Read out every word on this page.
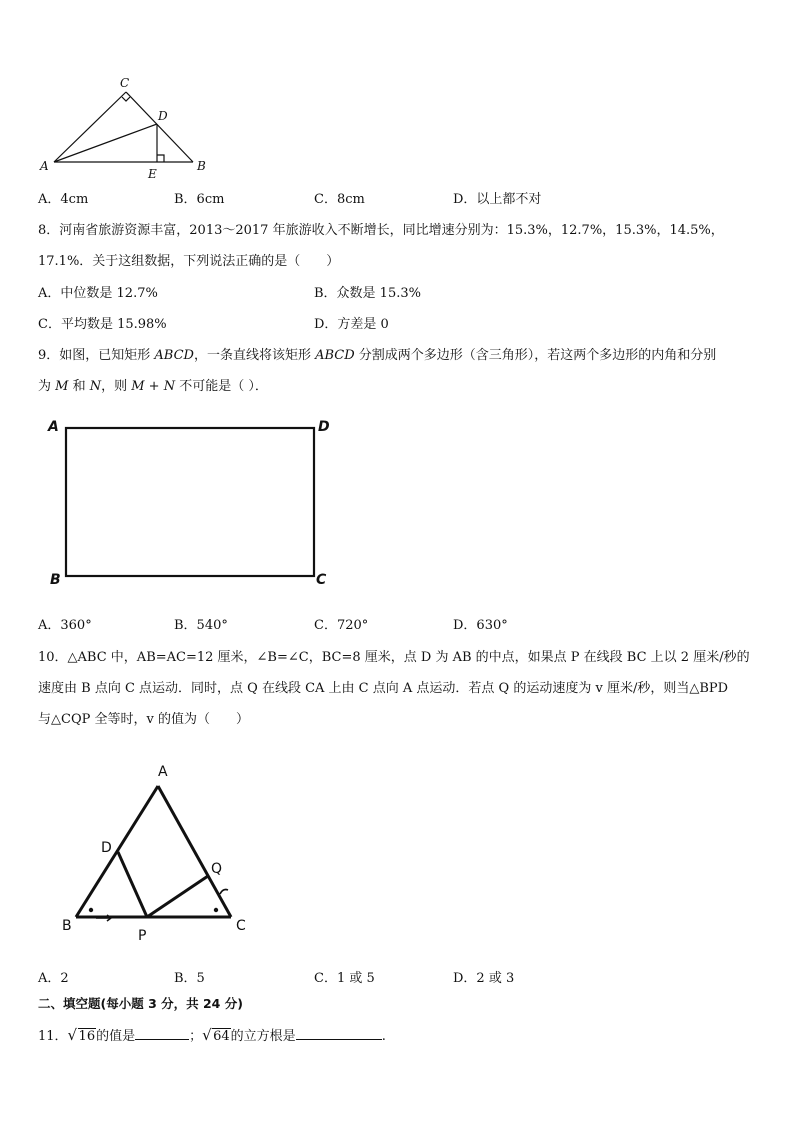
C
D
A
E
B
A．4cm	B．6cm	C．8cm	D．以上都不对
8．河南省旅游资源丰富，2013～2017 年旅游收入不断增长，同比增速分别为：15.3%，12.7%，15.3%，14.5%，
17.1%．关于这组数据，下列说法正确的是（　　）
A．中位数是 12.7%	B．众数是 15.3%
C．平均数是 15.98%	D．方差是 0
9．如图，已知矩形 ABCD，一条直线将该矩形 ABCD 分割成两个多边形（含三角形），若这两个多边形的内角和分别
为 M 和 N，则 M + N 不可能是（ ）．
A	D
B	C
A．360°	B．540°	C．720°	D．630°
10．△ABC 中，AB=AC=12 厘米，∠B=∠C，BC=8 厘米，点 D 为 AB 的中点，如果点 P 在线段 BC 上以 2 厘米/秒的
速度由 B 点向 C 点运动．同时，点 Q 在线段 CA 上由 C 点向 A 点运动．若点 Q 的运动速度为 v 厘米/秒，则当△BPD
与△CQP 全等时，v 的值为（　　）
A
D
Q
B	C
P
A．2	B．5	C．1 或 5	D．2 或 3
二、填空题(每小题 3 分，共 24 分)
11． √ 16的值是	； √ 64的立方根是	.
